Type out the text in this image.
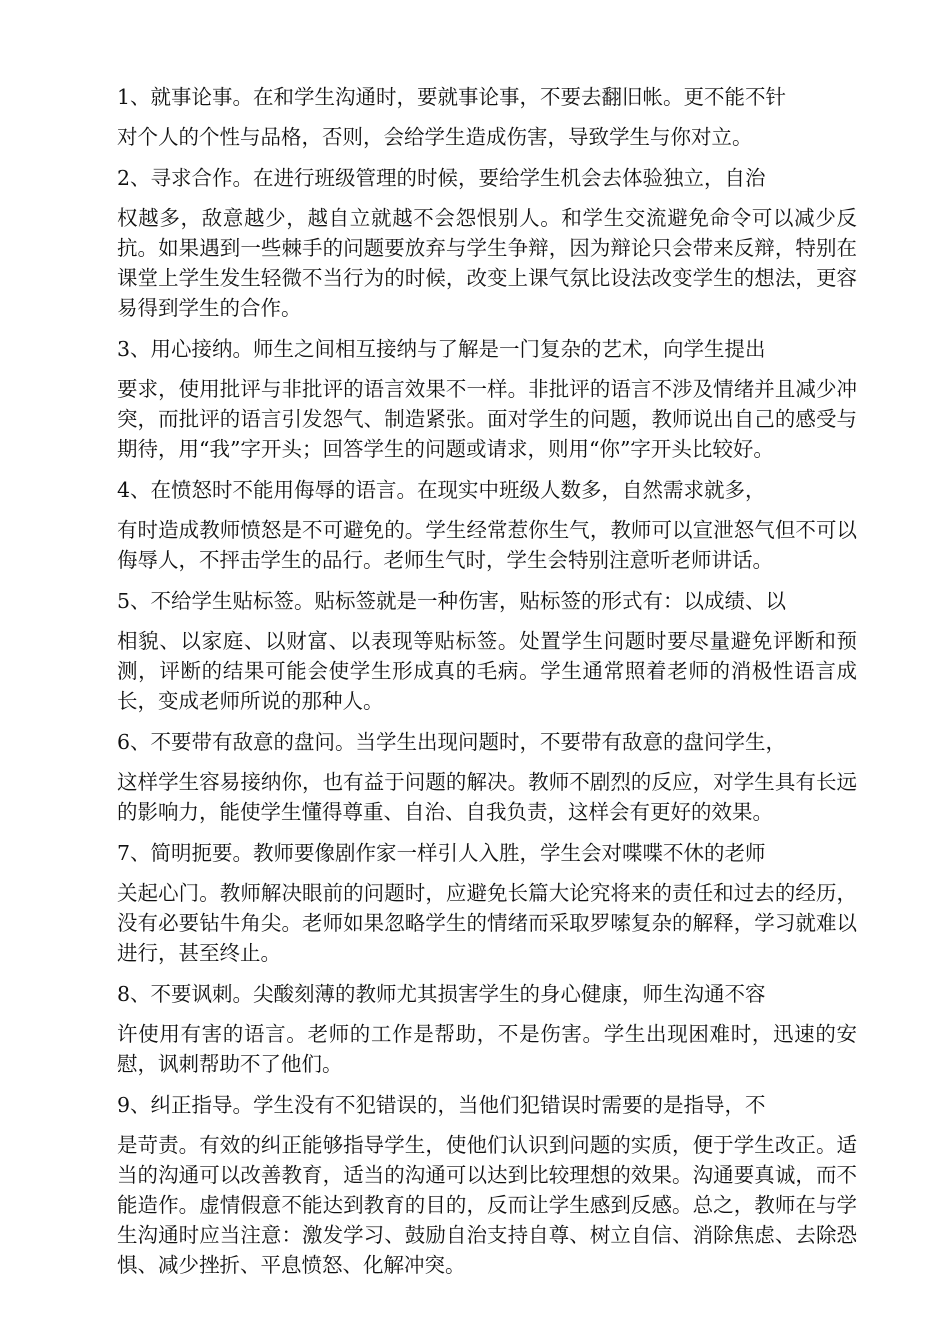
1、就事论事。在和学生沟通时，要就事论事，不要去翻旧帐。更不能不针
对个人的个性与品格，否则，会给学生造成伤害，导致学生与你对立。

2、寻求合作。在进行班级管理的时候，要给学生机会去体验独立，自治
权越多，敌意越少，越自立就越不会怨恨别人。和学生交流避免命令可以减少反抗。如果遇到一些棘手的问题要放弃与学生争辩，因为辩论只会带来反辩，特别在课堂上学生发生轻微不当行为的时候，改变上课气氛比设法改变学生的想法，更容易得到学生的合作。

3、用心接纳。师生之间相互接纳与了解是一门复杂的艺术，向学生提出
要求，使用批评与非批评的语言效果不一样。非批评的语言不涉及情绪并且减少冲突，而批评的语言引发怨气、制造紧张。面对学生的问题，教师说出自己的感受与期待，用“我”字开头；回答学生的问题或请求，则用“你”字开头比较好。

4、在愤怒时不能用侮辱的语言。在现实中班级人数多，自然需求就多，
有时造成教师愤怒是不可避免的。学生经常惹你生气，教师可以宣泄怒气但不可以侮辱人，不抨击学生的品行。老师生气时，学生会特别注意听老师讲话。

5、不给学生贴标签。贴标签就是一种伤害，贴标签的形式有：以成绩、以
相貌、以家庭、以财富、以表现等贴标签。处置学生问题时要尽量避免评断和预测，评断的结果可能会使学生形成真的毛病。学生通常照着老师的消极性语言成长，变成老师所说的那种人。

6、不要带有敌意的盘问。当学生出现问题时，不要带有敌意的盘问学生，
这样学生容易接纳你，也有益于问题的解决。教师不剧烈的反应，对学生具有长远的影响力，能使学生懂得尊重、自治、自我负责，这样会有更好的效果。

7、简明扼要。教师要像剧作家一样引人入胜，学生会对喋喋不休的老师
关起心门。教师解决眼前的问题时，应避免长篇大论究将来的责任和过去的经历，没有必要钻牛角尖。老师如果忽略学生的情绪而采取罗嗦复杂的解释，学习就难以进行，甚至终止。

8、不要讽刺。尖酸刻薄的教师尤其损害学生的身心健康，师生沟通不容
许使用有害的语言。老师的工作是帮助，不是伤害。学生出现困难时，迅速的安慰，讽刺帮助不了他们。

9、纠正指导。学生没有不犯错误的，当他们犯错误时需要的是指导，不
是苛责。有效的纠正能够指导学生，使他们认识到问题的实质，便于学生改正。适当的沟通可以改善教育，适当的沟通可以达到比较理想的效果。沟通要真诚，而不能造作。虚情假意不能达到教育的目的，反而让学生感到反感。总之，教师在与学生沟通时应当注意：激发学习、鼓励自治支持自尊、树立自信、消除焦虑、去除恐惧、减少挫折、平息愤怒、化解冲突。
